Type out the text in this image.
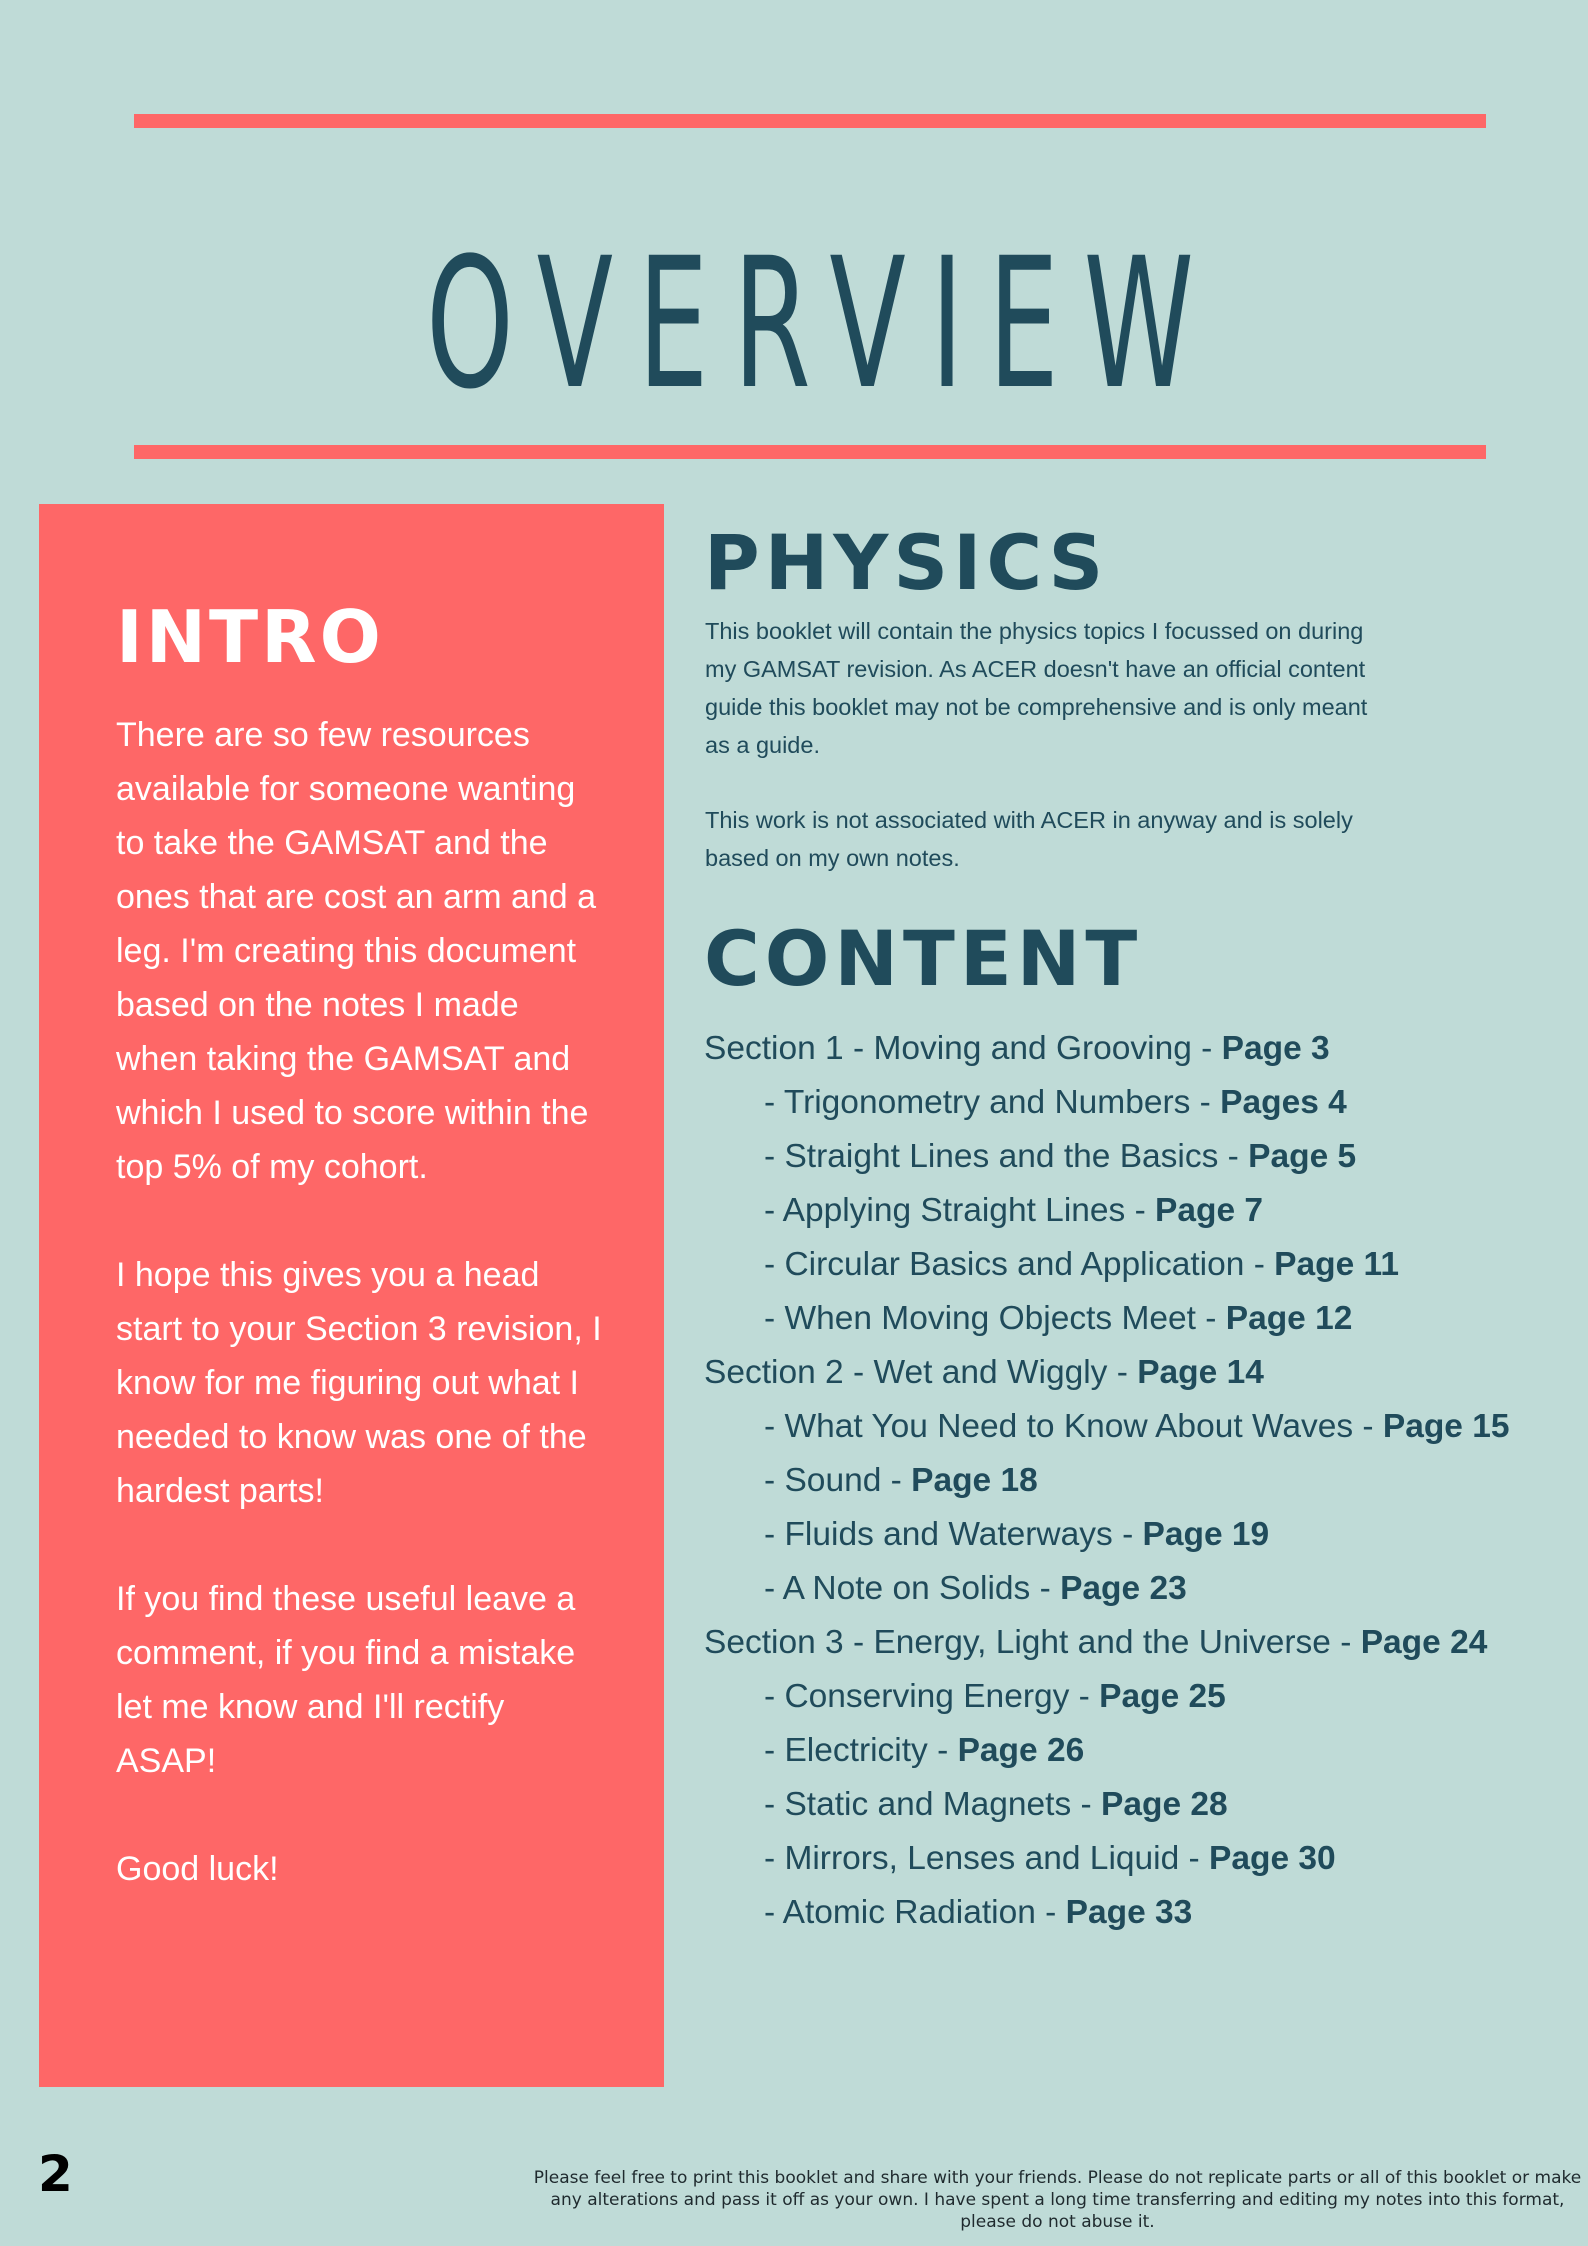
OVERVIEW
INTRO

There are so few resources available for someone wanting to take the GAMSAT and the ones that are cost an arm and a leg. I'm creating this document based on the notes I made when taking the GAMSAT and which I used to score within the top 5% of my cohort.

I hope this gives you a head start to your Section 3 revision, I know for me figuring out what I needed to know was one of the hardest parts!

If you find these useful leave a comment, if you find a mistake let me know and I'll rectify ASAP!

Good luck!

PHYSICS

This booklet will contain the physics topics I focussed on during my GAMSAT revision. As ACER doesn't have an official content guide this booklet may not be comprehensive and is only meant as a guide.

This work is not associated with ACER in anyway and is solely based on my own notes.

CONTENT
Section 1 - Moving and Grooving - Page 3
- Trigonometry and Numbers - Pages 4
- Straight Lines and the Basics - Page 5
- Applying Straight Lines - Page 7
- Circular Basics and Application - Page 11
- When Moving Objects Meet - Page 12
Section 2 - Wet and Wiggly - Page 14
- What You Need to Know About Waves - Page 15
- Sound - Page 18
- Fluids and Waterways - Page 19
- A Note on Solids - Page 23
Section 3 - Energy, Light and the Universe - Page 24
- Conserving Energy - Page 25
- Electricity - Page 26
- Static and Magnets - Page 28
- Mirrors, Lenses and Liquid - Page 30
- Atomic Radiation - Page 33
2	Please feel free to print this booklet and share with your friends. Please do not replicate parts or all of this booklet or make any alterations and pass it off as your own. I have spent a long time transferring and editing my notes into this format, please do not abuse it.
